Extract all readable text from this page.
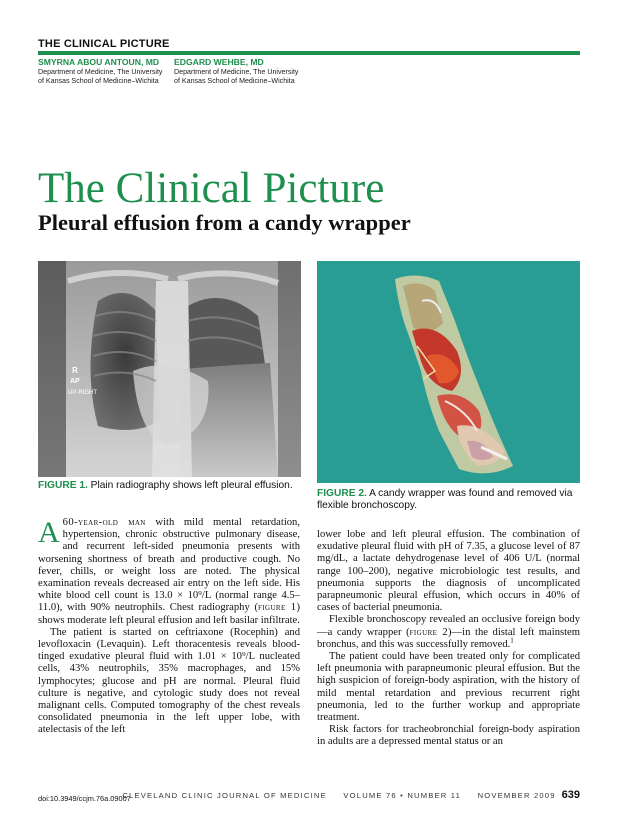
THE CLINICAL PICTURE
SMYRNA ABOU ANTOUN, MD
Department of Medicine, The University
of Kansas School of Medicine–Wichita
EDGARD WEHBE, MD
Department of Medicine, The University
of Kansas School of Medicine–Wichita
The Clinical Picture
Pleural effusion from a candy wrapper
R
AP
UP-RIGHT
FIGURE 1. Plain radiography shows left pleural effusion.
FIGURE 2. A candy wrapper was found and removed via flexible bronchoscopy.

A 60-year-old man with mild mental retardation, hypertension, chronic obstructive pulmonary disease, and recurrent left-sided pneumonia presents with worsening shortness of breath and productive cough. No fever, chills, or weight loss are noted. The physical examination reveals decreased air entry on the left side. His white blood cell count is 13.0 × 10⁹/L (normal range 4.5–11.0), with 90% neutrophils. Chest radiography (figure 1) shows moderate left pleural effusion and left basilar infiltrate.

The patient is started on ceftriaxone (Rocephin) and levofloxacin (Levaquin). Left thoracentesis reveals blood-tinged exudative pleural fluid with 1.01 × 10⁹/L nucleated cells, 43% neutrophils, 35% macrophages, and 15% lymphocytes; glucose and pH are normal. Pleural fluid culture is negative, and cytologic study does not reveal malignant cells. Computed tomography of the chest reveals consolidated pneumonia in the left upper lobe, with atelectasis of the left

doi:10.3949/ccjm.76a.09007

lower lobe and left pleural effusion. The combination of exudative pleural fluid with pH of 7.35, a glucose level of 87 mg/dL, a lactate dehydrogenase level of 406 U/L (normal range 100–200), negative microbiologic test results, and pneumonia supports the diagnosis of uncomplicated parapneumonic pleural effusion, which occurs in 40% of cases of bacterial pneumonia.

Flexible bronchoscopy revealed an occlusive foreign body—a candy wrapper (figure 2)—in the distal left mainstem bronchus, and this was successfully removed.$^1$

The patient could have been treated only for complicated left pneumonia with parapneumonic pleural effusion. But the high suspicion of foreign-body aspiration, with the history of mild mental retardation and previous recurrent right pneumonia, led to the further workup and appropriate treatment.

Risk factors for tracheobronchial foreign-body aspiration in adults are a depressed mental status or an

CLEVELAND CLINIC JOURNAL OF MEDICINE     VOLUME 76 • NUMBER 11     NOVEMBER 2009 639
